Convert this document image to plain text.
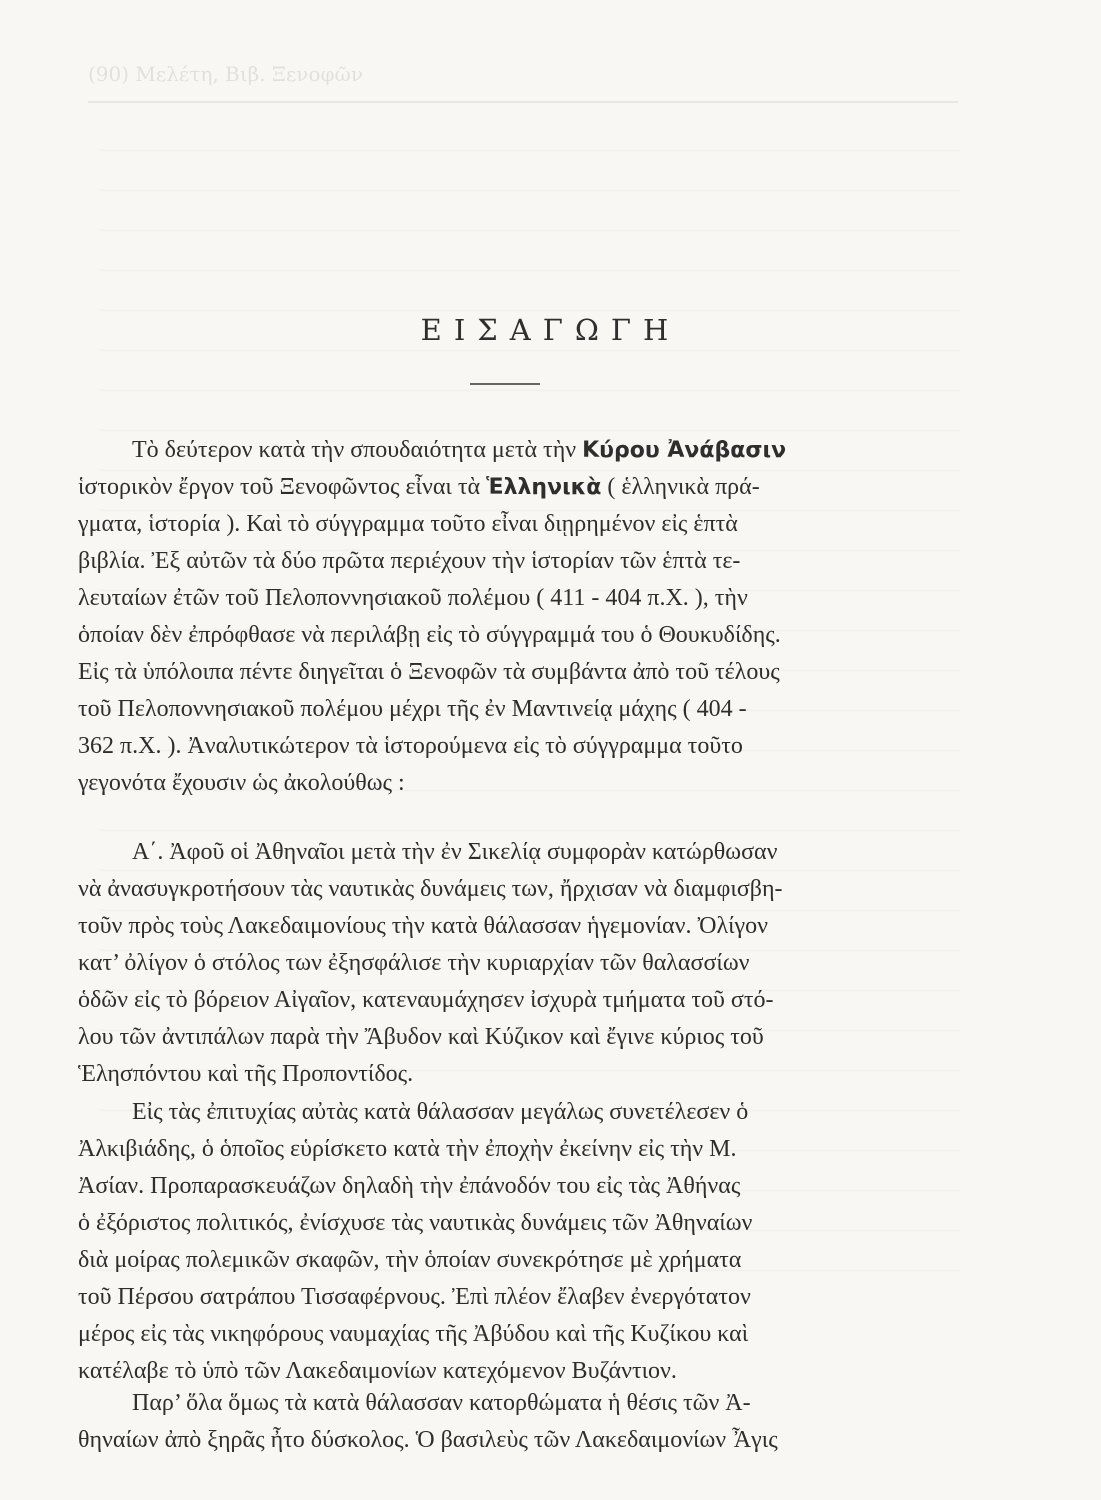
(90) Μελέτη, Βιβ. Ξενοφῶν
ΕΙΣΑΓΩΓΗ
Τὸ δεύτερον κατὰ τὴν σπουδαιότητα μετὰ τὴν Κύρου Ἀνάβασιν
ἱστορικὸν ἔργον τοῦ Ξενοφῶντος εἶναι τὰ Ἑλληνικὰ ( ἑλληνικὰ πρά-
γματα, ἱστορία ). Καὶ τὸ σύγγραμμα τοῦτο εἶναι διῃρημένον εἰς ἑπτὰ
βιβλία. Ἐξ αὐτῶν τὰ δύο πρῶτα περιέχουν τὴν ἱστορίαν τῶν ἑπτὰ τε-
λευταίων ἐτῶν τοῦ Πελοποννησιακοῦ πολέμου ( 411 - 404 π.Χ. ), τὴν
ὁποίαν δὲν ἐπρόφθασε νὰ περιλάβῃ εἰς τὸ σύγγραμμά του ὁ Θουκυδίδης.
Εἰς τὰ ὑπόλοιπα πέντε διηγεῖται ὁ Ξενοφῶν τὰ συμβάντα ἀπὸ τοῦ τέλους
τοῦ Πελοποννησιακοῦ πολέμου μέχρι τῆς ἐν Μαντινείᾳ μάχης ( 404 -
362 π.Χ. ). Ἀναλυτικώτερον τὰ ἱστορούμενα εἰς τὸ σύγγραμμα τοῦτο
γεγονότα ἔχουσιν ὡς ἀκολούθως :
Α΄. Ἀφοῦ οἱ Ἀθηναῖοι μετὰ τὴν ἐν Σικελίᾳ συμφορὰν κατώρθωσαν
νὰ ἀνασυγκροτήσουν τὰς ναυτικὰς δυνάμεις των, ἤρχισαν νὰ διαμφισβη-
τοῦν πρὸς τοὺς Λακεδαιμονίους τὴν κατὰ θάλασσαν ἡγεμονίαν. Ὀλίγον
κατ’ ὀλίγον ὁ στόλος των ἐξησφάλισε τὴν κυριαρχίαν τῶν θαλασσίων
ὁδῶν εἰς τὸ βόρειον Αἰγαῖον, κατεναυμάχησεν ἰσχυρὰ τμήματα τοῦ στό-
λου τῶν ἀντιπάλων παρὰ τὴν Ἄβυδον καὶ Κύζικον καὶ ἔγινε κύριος τοῦ
Ἑλησπόντου καὶ τῆς Προποντίδος.
Εἰς τὰς ἐπιτυχίας αὐτὰς κατὰ θάλασσαν μεγάλως συνετέλεσεν ὁ
Ἀλκιβιάδης, ὁ ὁποῖος εὑρίσκετο κατὰ τὴν ἐποχὴν ἐκείνην εἰς τὴν Μ.
Ἀσίαν. Προπαρασκευάζων δηλαδὴ τὴν ἐπάνοδόν του εἰς τὰς Ἀθήνας
ὁ ἐξόριστος πολιτικός, ἐνίσχυσε τὰς ναυτικὰς δυνάμεις τῶν Ἀθηναίων
διὰ μοίρας πολεμικῶν σκαφῶν, τὴν ὁποίαν συνεκρότησε μὲ χρήματα
τοῦ Πέρσου σατράπου Τισσαφέρνους. Ἐπὶ πλέον ἔλαβεν ἐνεργότατον
μέρος εἰς τὰς νικηφόρους ναυμαχίας τῆς Ἀβύδου καὶ τῆς Κυζίκου καὶ
κατέλαβε τὸ ὑπὸ τῶν Λακεδαιμονίων κατεχόμενον Βυζάντιον.
Παρ’ ὅλα ὅμως τὰ κατὰ θάλασσαν κατορθώματα ἡ θέσις τῶν Ἀ-
θηναίων ἀπὸ ξηρᾶς ἦτο δύσκολος. Ὁ βασιλεὺς τῶν Λακεδαιμονίων Ἆγις
